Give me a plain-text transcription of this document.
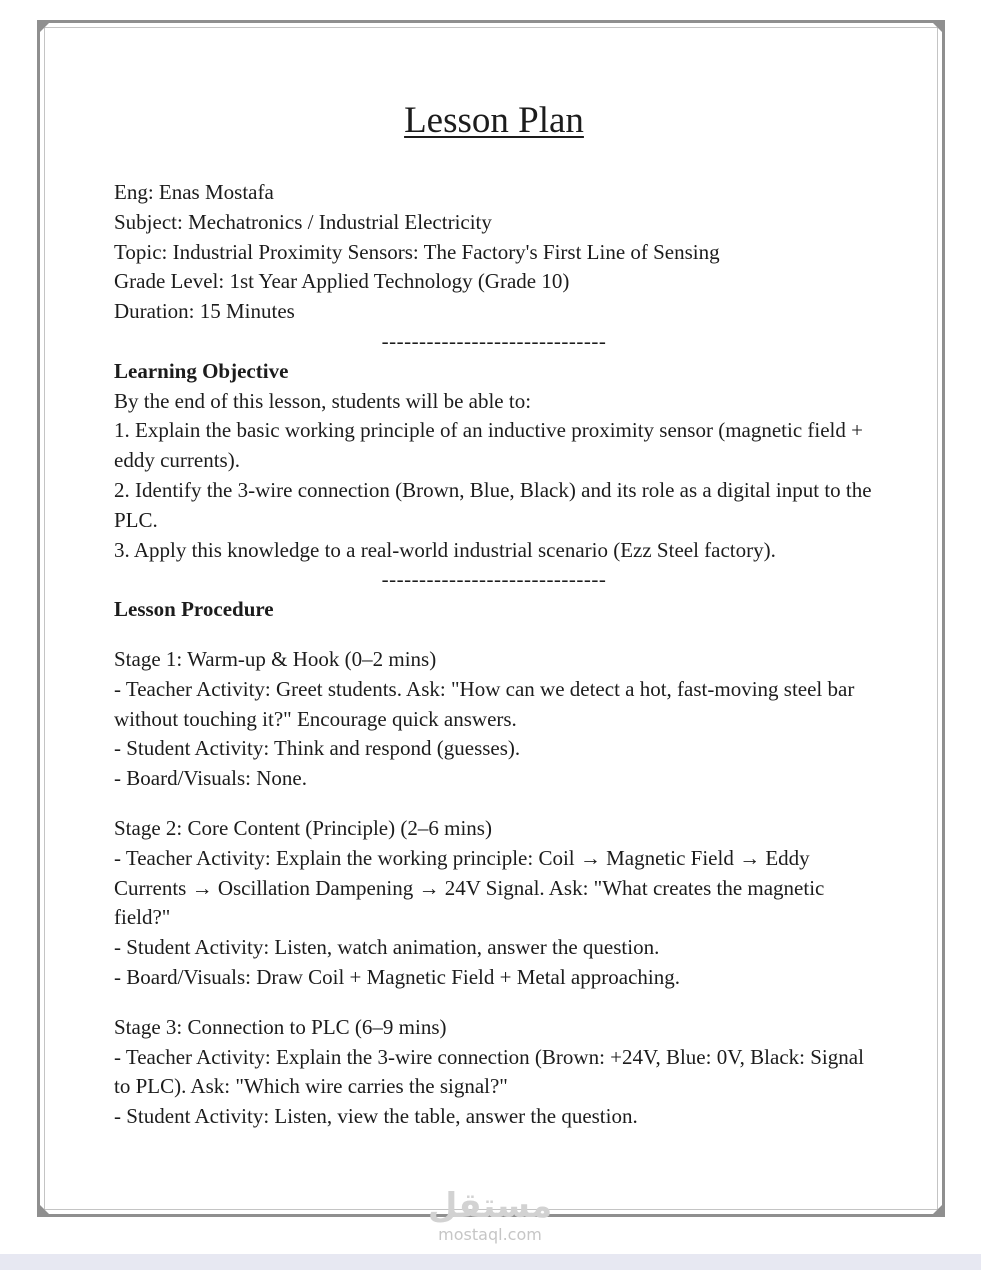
Lesson Plan

Eng: Enas Mostafa

Subject: Mechatronics / Industrial Electricity

Topic: Industrial Proximity Sensors: The Factory's First Line of Sensing

Grade Level: 1st Year Applied Technology (Grade 10)

Duration: 15 Minutes

------------------------------

Learning Objective

By the end of this lesson, students will be able to:

1. Explain the basic working principle of an inductive proximity sensor (magnetic field + eddy currents).

2. Identify the 3-wire connection (Brown, Blue, Black) and its role as a digital input to the PLC.

3. Apply this knowledge to a real-world industrial scenario (Ezz Steel factory).

------------------------------

Lesson Procedure

Stage 1: Warm-up & Hook (0–2 mins)

- Teacher Activity: Greet students. Ask: "How can we detect a hot, fast-moving steel bar without touching it?" Encourage quick answers.

- Student Activity: Think and respond (guesses).

- Board/Visuals: None.

Stage 2: Core Content (Principle) (2–6 mins)

- Teacher Activity: Explain the working principle: Coil → Magnetic Field → Eddy Currents → Oscillation Dampening → 24V Signal. Ask: "What creates the magnetic field?"

- Student Activity: Listen, watch animation, answer the question.

- Board/Visuals: Draw Coil + Magnetic Field + Metal approaching.

Stage 3: Connection to PLC (6–9 mins)

- Teacher Activity: Explain the 3-wire connection (Brown: +24V, Blue: 0V, Black: Signal to PLC). Ask: "Which wire carries the signal?"

- Student Activity: Listen, view the table, answer the question.

مستقل
mostaql.com
